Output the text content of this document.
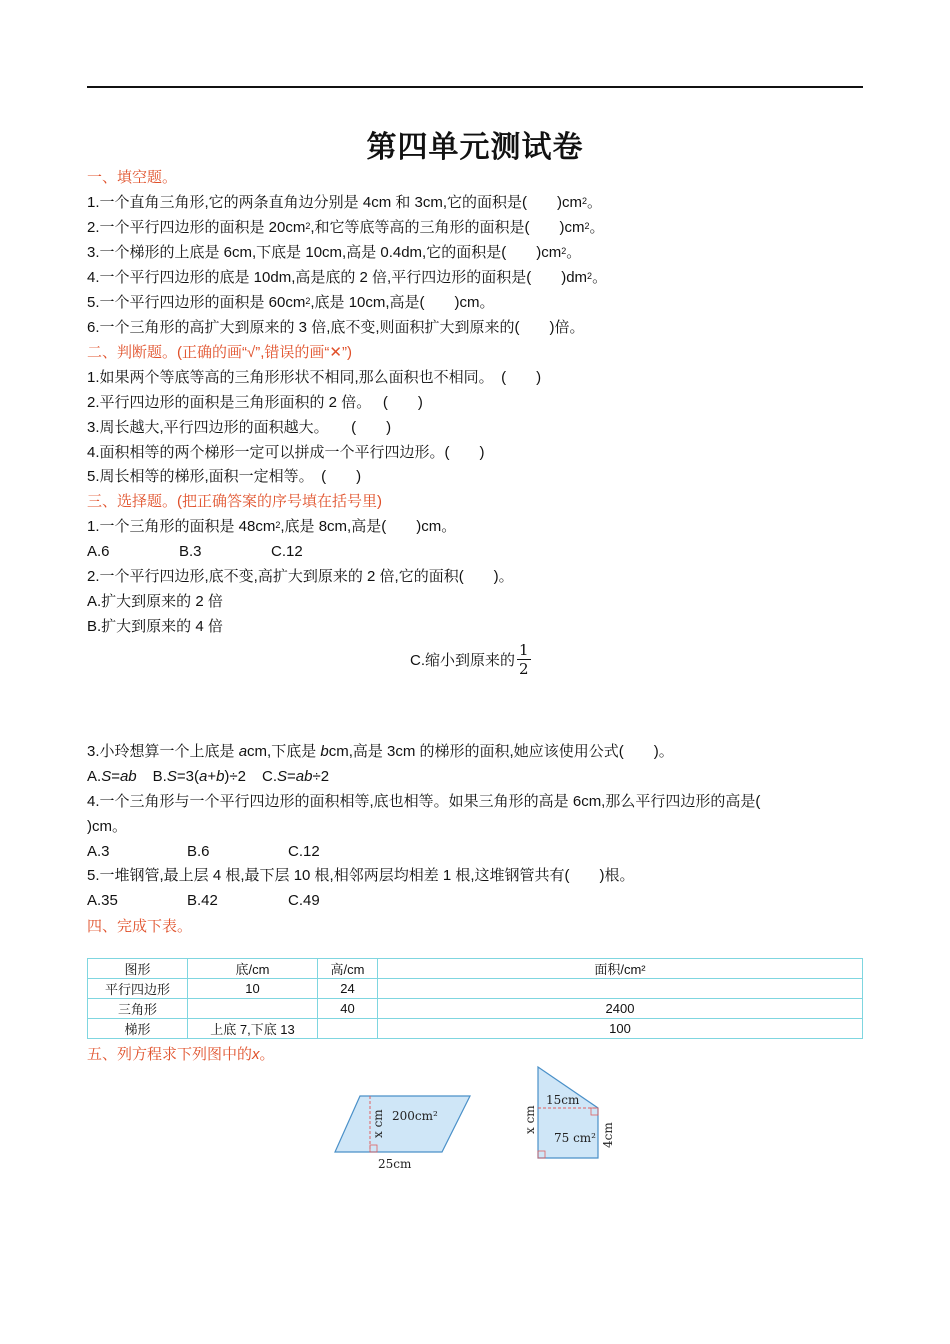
第四单元测试卷
一、填空题。
1.一个直角三角形,它的两条直角边分别是 4cm 和 3cm,它的面积是(　　)$cm^2$。
2.一个平行四边形的面积是 $20cm^2$,和它等底等高的三角形的面积是(　　)$cm^2$。
3.一个梯形的上底是 6cm,下底是 10cm,高是 0.4dm,它的面积是(　　)$cm^2$。
4.一个平行四边形的底是 10dm,高是底的 2 倍,平行四边形的面积是(　　)$dm^2$。
5.一个平行四边形的面积是 $60cm^2$,底是 10cm,高是(　　)cm。
6.一个三角形的高扩大到原来的 3 倍,底不变,则面积扩大到原来的(　　)倍。
二、判断题。(正确的画“√”,错误的画“✕”)
1.如果两个等底等高的三角形形状不相同,那么面积也不相同。　(　　)
2.平行四边形的面积是三角形面积的 2 倍。　 (　　)
3.周长越大,平行四边形的面积越大。　　(　　)
4.面积相等的两个梯形一定可以拼成一个平行四边形。(　　)
5.周长相等的梯形,面积一定相等。　(　　)
三、选择题。(把正确答案的序号填在括号里)
1.一个三角形的面积是 $48cm^2$,底是 8cm,高是(　　)cm。
A.6	B.3	C.12
2.一个平行四边形,底不变,高扩大到原来的 2 倍,它的面积(　　)。
A.扩大到原来的 2 倍
B.扩大到原来的 4 倍
C.缩小到原来的
1
2
3.小玲想算一个上底是 acm,下底是 bcm,高是 3cm 的梯形的面积,她应该使用公式(　　)。
A.S=ab B.S=3(a+b)÷2 C.S=ab÷2
4.一个三角形与一个平行四边形的面积相等,底也相等。如果三角形的高是 6cm,那么平行四边形的高是(
)cm。
A.3	B.6	C.12
5.一堆钢管,最上层 4 根,最下层 10 根,相邻两层均相差 1 根,这堆钢管共有(　　)根。
A.35	B.42	C.49
四、完成下表。
图形	底/cm	高/cm	面积/cm²
平行四边形	10	24	
三角形		40	2400
梯形	上底 7,下底 13		100
五、列方程求下列图中的x。
200cm²
x cm
25cm
15cm
75 cm²
x cm
4cm
